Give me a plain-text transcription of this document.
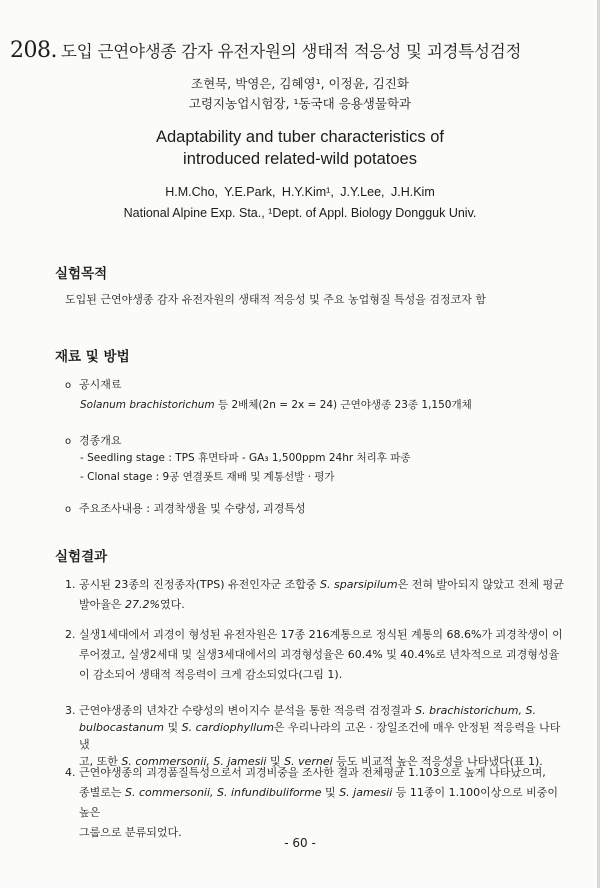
208. 도입 근연야생종 감자 유전자원의 생태적 적응성 및 괴경특성검정
조현묵, 박영은, 김혜영¹, 이정윤, 김진화
고령지농업시험장, ¹동국대 응용생물학과
Adaptability and tuber characteristics of
introduced related-wild potatoes
H.M.Cho, Y.E.Park, H.Y.Kim¹, J.Y.Lee, J.H.Kim
National Alpine Exp. Sta., ¹Dept. of Appl. Biology Dongguk Univ.
실험목적
도입된 근연야생종 감자 유전자원의 생태적 적응성 및 주요 농업형질 특성을 검정코자 함
재료 및 방법
o 공시재료
Solanum brachistorichum 등 2배체(2n = 2x = 24) 근연야생종 23종 1,150개체
o 경종개요
- Seedling stage : TPS 휴면타파 - GA₃ 1,500ppm 24hr 처리후 파종
- Clonal stage : 9공 연결폿트 재배 및 계통선발 · 평가
o 주요조사내용 : 괴경착생율 및 수량성, 괴경특성
실험결과
1. 공시된 23종의 진정종자(TPS) 유전인자군 조합중 S. sparsipilum은 전혀 발아되지 않았고 전체 평균
발아율은 27.2%였다.
2. 실생1세대에서 괴경이 형성된 유전자원은 17종 216계통으로 정식된 계통의 68.6%가 괴경착생이 이
루어졌고, 실생2세대 및 실생3세대에서의 괴경형성율은 60.4% 및 40.4%로 년차적으로 괴경형성율
이 감소되어 생태적 적응력이 크게 감소되었다(그림 1).
3. 근연야생종의 년차간 수량성의 변이지수 분석을 통한 적응력 검정결과 S. brachistorichum, S.
bulbocastanum 및 S. cardiophyllum은 우리나라의 고온 · 장일조건에 매우 안정된 적응력을 나타냈
고, 또한 S. commersonii, S. jamesii 및 S. vernei 등도 비교적 높은 적응성을 나타냈다(표 1).
4. 근연야생종의 괴경품질특성으로서 괴경비중을 조사한 결과 전체평균 1.103으로 높게 나타났으며,
종별로는 S. commersonii, S. infundibuliforme 및 S. jamesii 등 11종이 1.100이상으로 비중이 높은
그룹으로 분류되었다.
- 60 -
